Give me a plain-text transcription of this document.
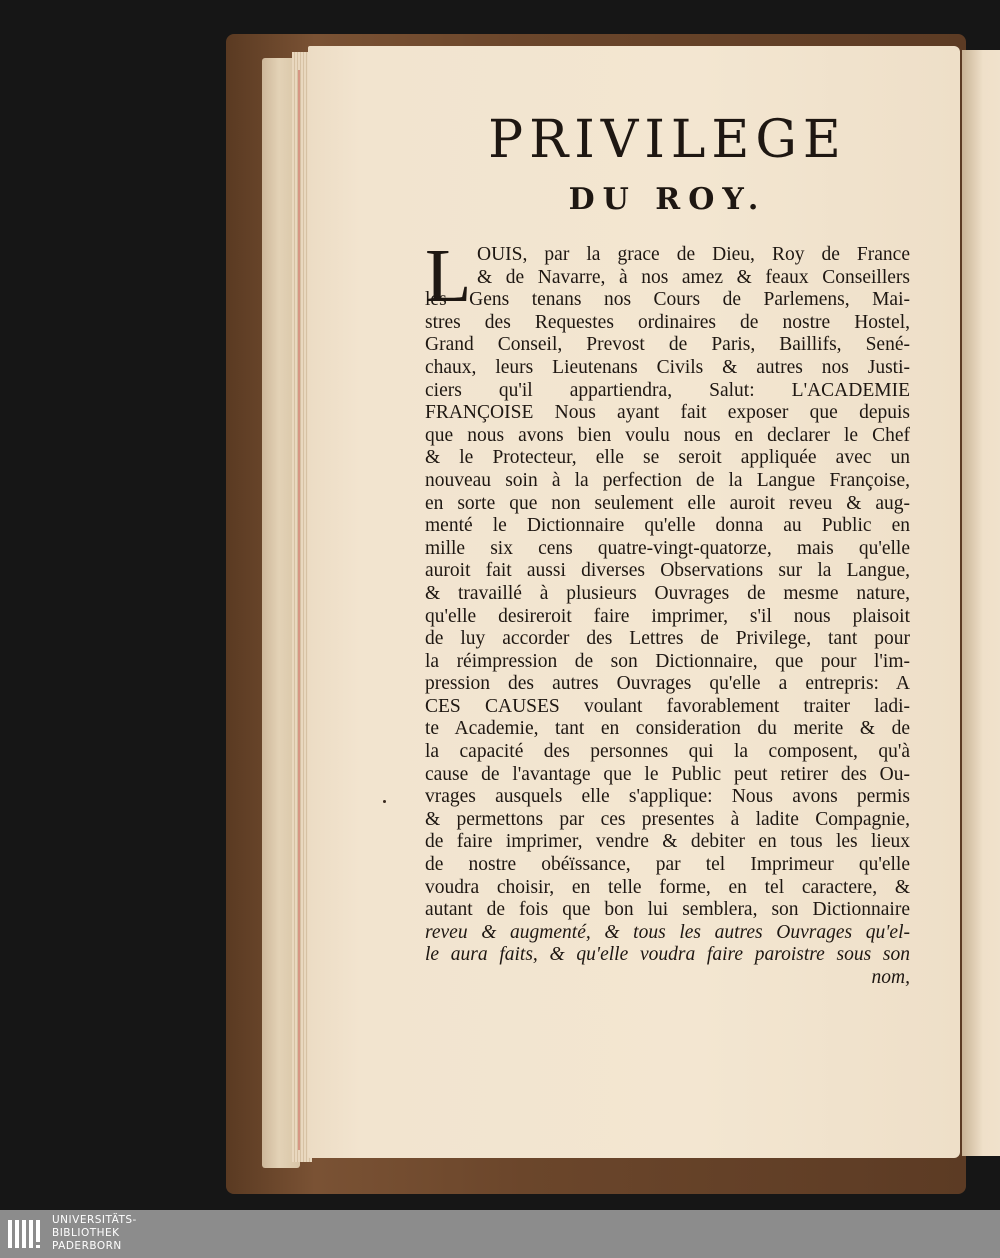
PRIVILEGE
DU ROY.
L OUIS, par la grace de Dieu, Roy de France
& de Navarre, à nos amez & feaux Conseillers
les Gens tenans nos Cours de Parlemens, Mai-
stres des Requestes ordinaires de nostre Hostel,
Grand Conseil, Prevost de Paris, Baillifs, Sené-
chaux, leurs Lieutenans Civils & autres nos Justi-
ciers qu'il appartiendra, Salut: L'ACADEMIE
FRANÇOISE Nous ayant fait exposer que depuis
que nous avons bien voulu nous en declarer le Chef
& le Protecteur, elle se seroit appliquée avec un
nouveau soin à la perfection de la Langue Françoise,
en sorte que non seulement elle auroit reveu & aug-
menté le Dictionnaire qu'elle donna au Public en
mille six cens quatre-vingt-quatorze, mais qu'elle
auroit fait aussi diverses Observations sur la Langue,
& travaillé à plusieurs Ouvrages de mesme nature,
qu'elle desireroit faire imprimer, s'il nous plaisoit
de luy accorder des Lettres de Privilege, tant pour
la réimpression de son Dictionnaire, que pour l'im-
pression des autres Ouvrages qu'elle a entrepris: A
CES CAUSES voulant favorablement traiter ladi-
te Academie, tant en consideration du merite & de
la capacité des personnes qui la composent, qu'à
cause de l'avantage que le Public peut retirer des Ou-
vrages ausquels elle s'applique: Nous avons permis
& permettons par ces presentes à ladite Compagnie,
de faire imprimer, vendre & debiter en tous les lieux
de nostre obéïssance, par tel Imprimeur qu'elle
voudra choisir, en telle forme, en tel caractere, &
autant de fois que bon lui semblera, son Dictionnaire
reveu & augmenté, & tous les autres Ouvrages qu'el-
le aura faits, & qu'elle voudra faire paroistre sous son
nom,
UNIVERSITÄTS-
BIBLIOTHEK
PADERBORN
